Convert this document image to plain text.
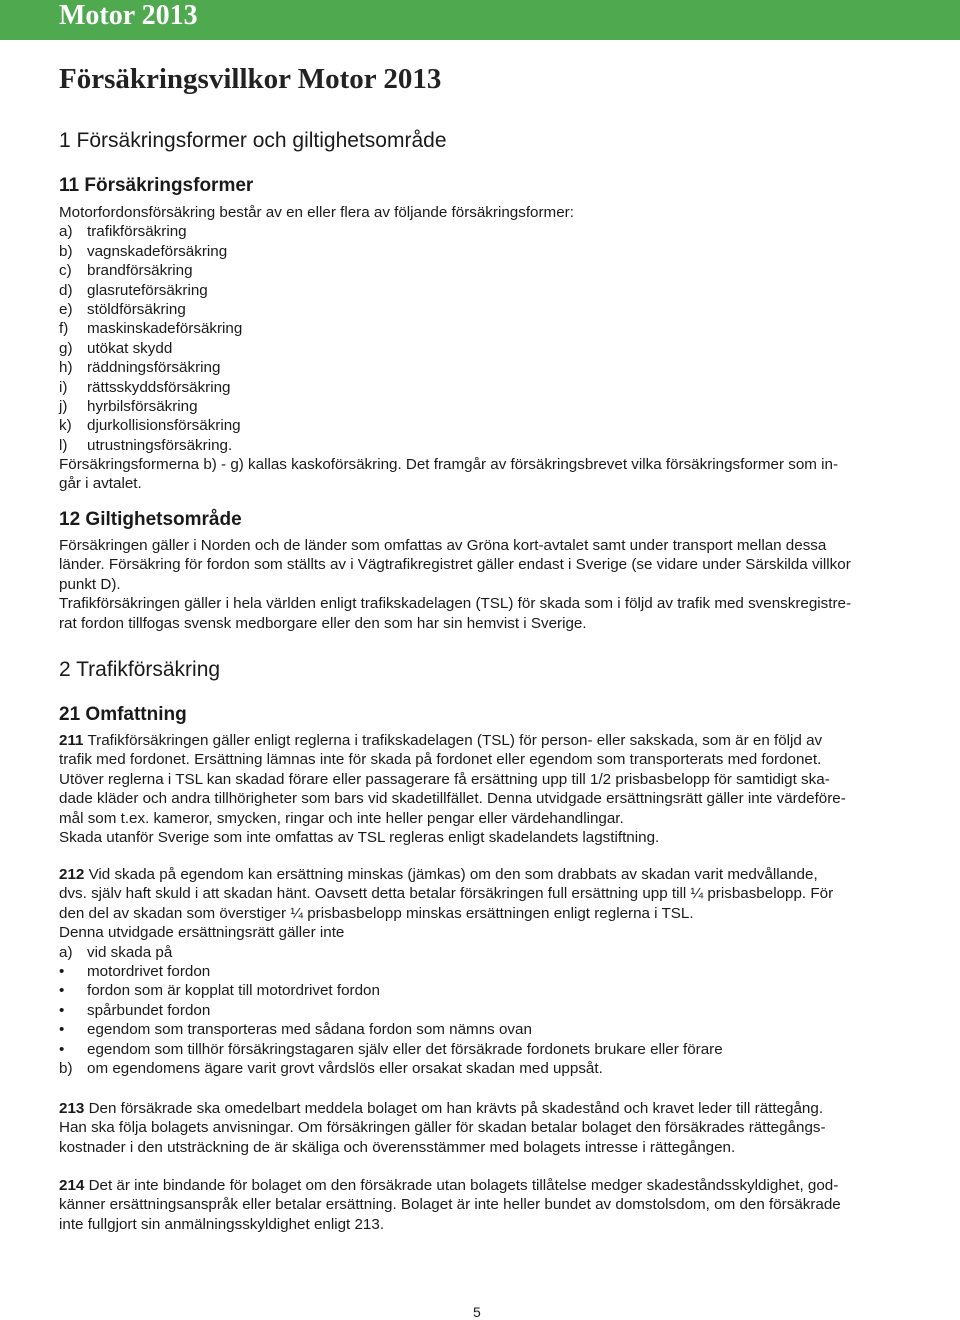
Motor 2013
Försäkringsvillkor Motor 2013
1 Försäkringsformer och giltighetsområde
11 Försäkringsformer
Motorfordonsförsäkring består av en eller flera av följande försäkringsformer:
a) trafikförsäkring
b) vagnskadeförsäkring
c) brandförsäkring
d) glasruteförsäkring
e) stöldförsäkring
f) maskinskadeförsäkring
g) utökat skydd
h) räddningsförsäkring
i) rättsskyddsförsäkring
j) hyrbilsförsäkring
k) djurkollisionsförsäkring
l) utrustningsförsäkring.
Försäkringsformerna b) - g) kallas kaskoförsäkring. Det framgår av försäkringsbrevet vilka försäkringsformer som in-
går i avtalet.
12 Giltighetsområde
Försäkringen gäller i Norden och de länder som omfattas av Gröna kort-avtalet samt under transport mellan dessa
länder. Försäkring för fordon som ställts av i Vägtrafikregistret gäller endast i Sverige (se vidare under Särskilda villkor
punkt D).
Trafikförsäkringen gäller i hela världen enligt trafikskadelagen (TSL) för skada som i följd av trafik med svenskregistre-
rat fordon tillfogas svensk medborgare eller den som har sin hemvist i Sverige.
2 Trafikförsäkring
21 Omfattning
211 Trafikförsäkringen gäller enligt reglerna i trafikskadelagen (TSL) för person- eller sakskada, som är en följd av
trafik med fordonet. Ersättning lämnas inte för skada på fordonet eller egendom som transporterats med fordonet.
Utöver reglerna i TSL kan skadad förare eller passagerare få ersättning upp till 1/2 prisbasbelopp för samtidigt ska-
dade kläder och andra tillhörigheter som bars vid skadetillfället. Denna utvidgade ersättningsrätt gäller inte värdeföre-
mål som t.ex. kameror, smycken, ringar och inte heller pengar eller värdehandlingar.
Skada utanför Sverige som inte omfattas av TSL regleras enligt skadelandets lagstiftning.
212 Vid skada på egendom kan ersättning minskas (jämkas) om den som drabbats av skadan varit medvållande,
dvs. själv haft skuld i att skadan hänt. Oavsett detta betalar försäkringen full ersättning upp till ¼ prisbasbelopp. För
den del av skadan som överstiger ¼ prisbasbelopp minskas ersättningen enligt reglerna i TSL.
Denna utvidgade ersättningsrätt gäller inte
a) vid skada på
• motordrivet fordon
• fordon som är kopplat till motordrivet fordon
• spårbundet fordon
• egendom som transporteras med sådana fordon som nämns ovan
• egendom som tillhör försäkringstagaren själv eller det försäkrade fordonets brukare eller förare
b) om egendomens ägare varit grovt vårdslös eller orsakat skadan med uppsåt.
213 Den försäkrade ska omedelbart meddela bolaget om han krävts på skadestånd och kravet leder till rättegång.
Han ska följa bolagets anvisningar. Om försäkringen gäller för skadan betalar bolaget den försäkrades rättegångs-
kostnader i den utsträckning de är skäliga och överensstämmer med bolagets intresse i rättegången.
214 Det är inte bindande för bolaget om den försäkrade utan bolagets tillåtelse medger skadeståndsskyldighet, god-
känner ersättningsanspråk eller betalar ersättning. Bolaget är inte heller bundet av domstolsdom, om den försäkrade
inte fullgjort sin anmälningsskyldighet enligt 213.
5
